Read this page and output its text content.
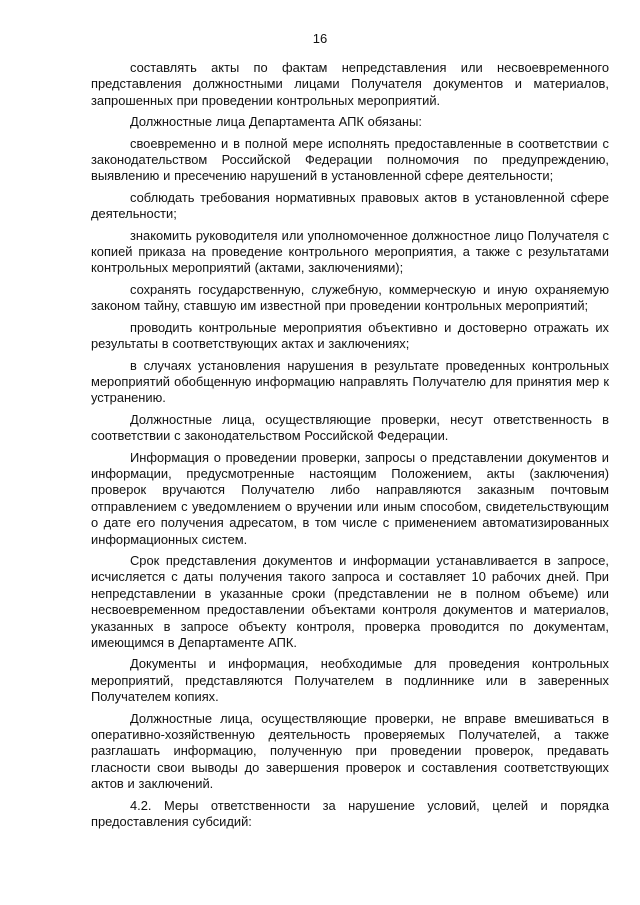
16

составлять акты по фактам непредставления или несвоевременного представления должностными лицами Получателя документов и материалов, запрошенных при проведении контрольных мероприятий.

Должностные лица Департамента АПК обязаны:

своевременно и в полной мере исполнять предоставленные в соответствии с законодательством Российской Федерации полномочия по предупреждению, выявлению и пресечению нарушений в установленной сфере деятельности;

соблюдать требования нормативных правовых актов в установленной сфере деятельности;

знакомить руководителя или уполномоченное должностное лицо Получателя с копией приказа на проведение контрольного мероприятия, а также с результатами контрольных мероприятий (актами, заключениями);

сохранять государственную, служебную, коммерческую и иную охраняемую законом тайну, ставшую им известной при проведении контрольных мероприятий;

проводить контрольные мероприятия объективно и достоверно отражать их результаты в соответствующих актах и заключениях;

в случаях установления нарушения в результате проведенных контрольных мероприятий обобщенную информацию направлять Получателю для принятия мер к устранению.

Должностные лица, осуществляющие проверки, несут ответственность в соответствии с законодательством Российской Федерации.

Информация о проведении проверки, запросы о представлении документов и информации, предусмотренные настоящим Положением, акты (заключения) проверок вручаются Получателю либо направляются заказным почтовым отправлением с уведомлением о вручении или иным способом, свидетельствующим о дате его получения адресатом, в том числе с применением автоматизированных информационных систем.

Срок представления документов и информации устанавливается в запросе, исчисляется с даты получения такого запроса и составляет 10 рабочих дней. При непредставлении в указанные сроки (представлении не в полном объеме) или несвоевременном предоставлении объектами контроля документов и материалов, указанных в запросе объекту контроля, проверка проводится по документам, имеющимся в Департаменте АПК.

Документы и информация, необходимые для проведения контрольных мероприятий, представляются Получателем в подлиннике или в заверенных Получателем копиях.

Должностные лица, осуществляющие проверки, не вправе вмешиваться в оперативно-хозяйственную деятельность проверяемых Получателей, а также разглашать информацию, полученную при проведении проверок, предавать гласности свои выводы до завершения проверок и составления соответствующих актов и заключений.

4.2. Меры ответственности за нарушение условий, целей и порядка предоставления субсидий:
